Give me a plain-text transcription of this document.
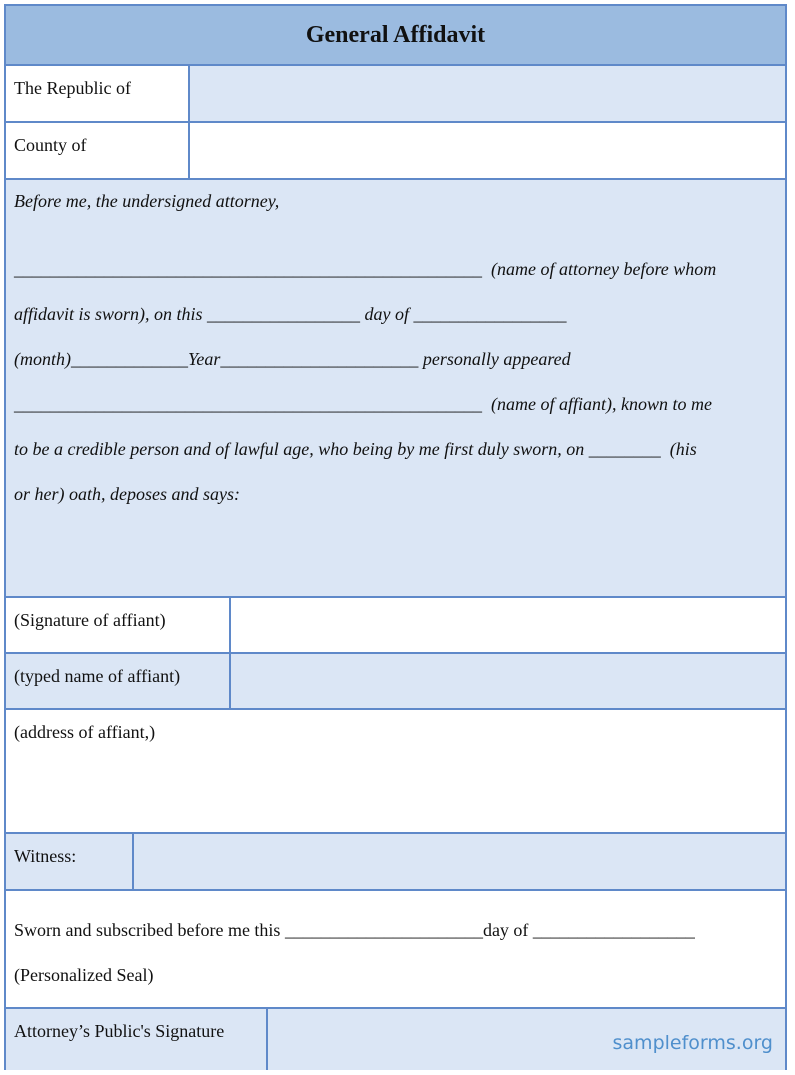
General Affidavit
The Republic of
County of
Before me, the undersigned attorney,
____________________________________________________  (name of attorney before whom
affidavit is sworn), on this _________________ day of _________________
(month)_____________Year______________________ personally appeared
____________________________________________________  (name of affiant), known to me
to be a credible person and of lawful age, who being by me first duly sworn, on ________  (his
or her) oath, deposes and says:
(Signature of affiant)
(typed name of affiant)
(address of affiant,)
Witness:
Sworn and subscribed before me this ______________________day of __________________
(Personalized Seal)
Attorney’s Public's Signature
sampleforms.org
